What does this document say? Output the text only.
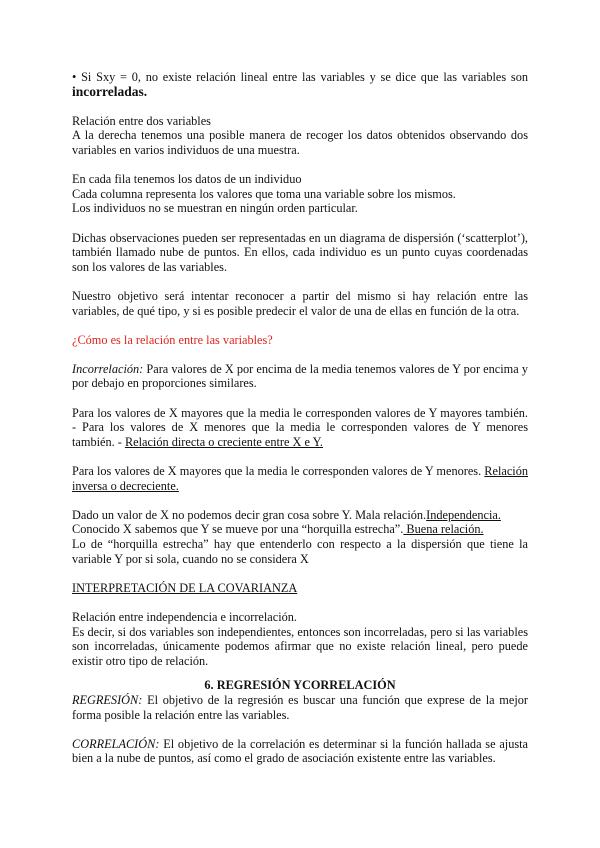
• Si Sxy = 0, no existe relación lineal entre las variables y se dice que las variables son incorreladas.

Relación entre dos variables
A la derecha tenemos una posible manera de recoger los datos obtenidos observando dos variables en varios individuos de una muestra.

En cada fila tenemos los datos de un individuo
Cada columna representa los valores que toma una variable sobre los mismos.
Los individuos no se muestran en ningún orden particular.

Dichas observaciones pueden ser representadas en un diagrama de dispersión (‘scatterplot’), también llamado nube de puntos. En ellos, cada individuo es un punto cuyas coordenadas son los valores de las variables.

Nuestro objetivo será intentar reconocer a partir del mismo si hay relación entre las variables, de qué tipo, y si es posible predecir el valor de una de ellas en función de la otra.

¿Cómo es la relación entre las variables?

Incorrelación: Para valores de X por encima de la media tenemos valores de Y por encima y por debajo en proporciones similares.

Para los valores de X mayores que la media le corresponden valores de Y mayores también. - Para los valores de X menores que la media le corresponden valores de Y menores también. - Relación directa o creciente entre X e Y.

Para los valores de X mayores que la media le corresponden valores de Y menores. Relación inversa o decreciente.

Dado un valor de X no podemos decir gran cosa sobre Y. Mala relación.Independencia.

Conocido X sabemos que Y se mueve por una “horquilla estrecha”. Buena relación.
Lo de “horquilla estrecha” hay que entenderlo con respecto a la dispersión que tiene la variable Y por si sola, cuando no se considera X

INTERPRETACIÓN DE LA COVARIANZA

Relación entre independencia e incorrelación.
Es decir, si dos variables son independientes, entonces son incorreladas, pero si las variables son incorreladas, únicamente podemos afirmar que no existe relación lineal, pero puede existir otro tipo de relación.

6. REGRESIÓN YCORRELACIÓN

REGRESIÓN: El objetivo de la regresión es buscar una función que exprese de la mejor forma posible la relación entre las variables.

CORRELACIÓN: El objetivo de la correlación es determinar si la función hallada se ajusta bien a la nube de puntos, así como el grado de asociación existente entre las variables.
